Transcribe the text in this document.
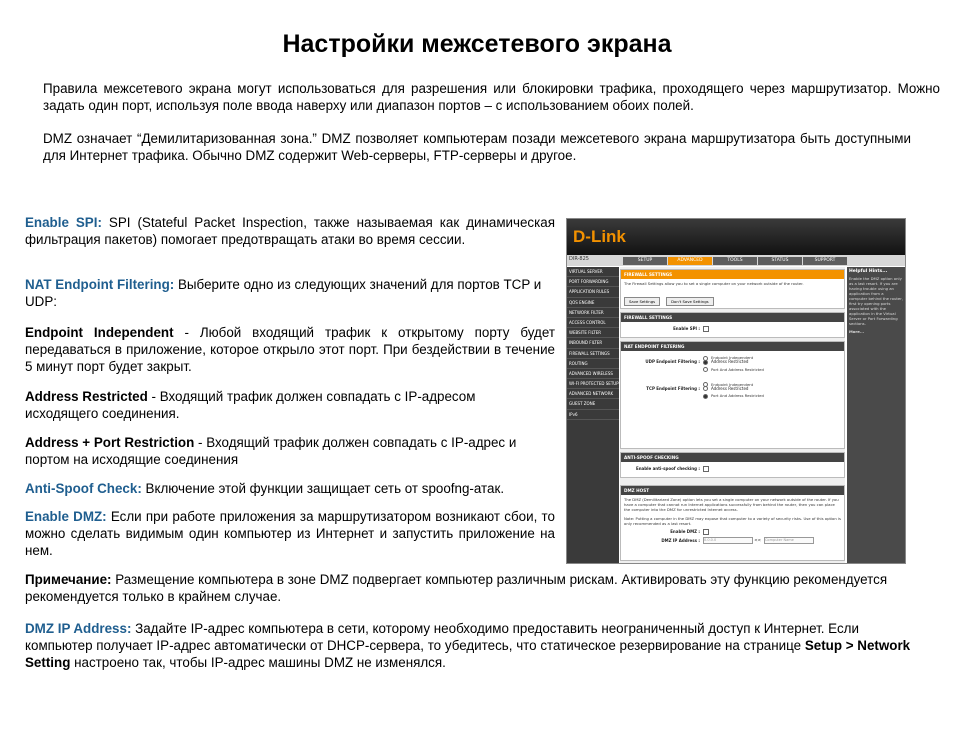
Настройки межсетевого экрана

Правила межсетевого экрана могут использоваться для разрешения или блокировки трафика, проходящего через маршрутизатор. Можно задать один порт, используя поле ввода наверху или диапазон портов – с использованием обоих полей.

DMZ означает “Демилитаризованная зона.” DMZ позволяет компьютерам позади межсетевого экрана маршрутизатора быть доступными для Интернет трафика. Обычно DMZ содержит Web-серверы, FTP-серверы и другое.

Enable SPI: SPI (Stateful Packet Inspection, также называемая как динамическая фильтрация пакетов) помогает предотвращать атаки во время сессии.

NAT Endpoint Filtering: Выберите одно из следующих значений для портов TCP и UDP:

Endpoint Independent - Любой входящий трафик к открытому порту будет передаваться в приложение, которое открыло этот порт. При бездействии в течение 5 минут порт будет закрыт.

Address Restricted - Входящий трафик должен совпадать с IP-адресом исходящего соединения.

Address + Port Restriction - Входящий трафик должен совпадать с IP-адрес и портом на исходящие соединения

Anti-Spoof Check: Включение этой функции защищает сеть от spoofng-атак.

Enable DMZ: Если при работе приложения за маршрутизатором возникают сбои, то можно сделать видимым один компьютер из Интернет и запустить приложение на нем.

Примечание: Размещение компьютера в зоне DMZ подвергает компьютер различным рискам. Активировать эту функцию рекомендуется рекомендуется только в крайнем случае.

DMZ IP Address: Задайте IP-адрес компьютера в сети, которому необходимо предоставить неограниченный доступ к Интернет. Если компьютер получает IP-адрес автоматически от DHCP-сервера, то убедитесь, что статическое резервирование на странице Setup > Network Setting настроено так, чтобы IP-адрес машины DMZ не изменялся.

D-Link
DIR-825	SETUP	ADVANCED	TOOLS	STATUS	SUPPORT
VIRTUAL SERVER
PORT FORWARDING
APPLICATION RULES
QOS ENGINE
NETWORK FILTER
ACCESS CONTROL
WEBSITE FILTER
INBOUND FILTER
FIREWALL SETTINGS
ROUTING
ADVANCED WIRELESS
WI-FI PROTECTED SETUP
ADVANCED NETWORK
GUEST ZONE
IPv6
FIREWALL SETTINGS
The Firewall Settings allow you to set a single computer on your network outside of the router.
Save Settings	Don't Save Settings
FIREWALL SETTINGS
Enable SPI :
NAT ENDPOINT FILTERING
Endpoint Independent
UDP Endpoint Filtering :	Address Restricted
Port And Address Restricted
Endpoint Independent
TCP Endpoint Filtering :	Address Restricted
Port And Address Restricted
ANTI-SPOOF CHECKING
Enable anti-spoof checking :
DMZ HOST
The DMZ (Demilitarized Zone) option lets you set a single computer on your network outside of the router. If you have a computer that cannot run Internet applications successfully from behind the router, then you can place the computer into the DMZ for unrestricted Internet access.
Note: Putting a computer in the DMZ may expose that computer to a variety of security risks. Use of this option is only recommended as a last resort.
Enable DMZ :
DMZ IP Address : 0.0.0.0	<< Computer Name
Helpful Hints...
Enable the DMZ option only as a last resort. If you are having trouble using an application from a computer behind the router, first try opening ports associated with the application in the Virtual Server or Port Forwarding sections.
More...
